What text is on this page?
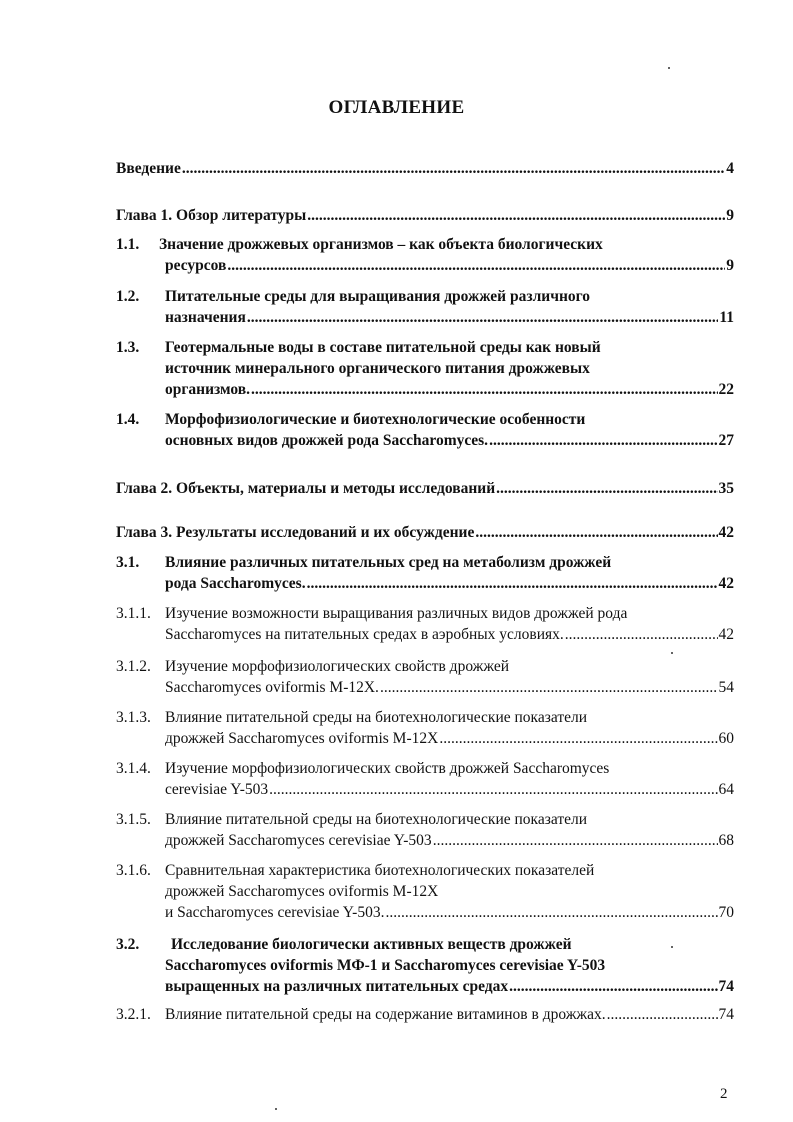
ОГЛАВЛЕНИЕ
Введение .....	4
Глава 1. Обзор литературы .....	9
1.1. Значение дрожжевых организмов – как объекта биологических
ресурсов .....	9
1.2. Питательные среды для выращивания дрожжей различного
назначения .....	11
1.3. Геотермальные воды в составе питательной среды как новый
источник минерального органического питания дрожжевых
организмов. .....	22
1.4. Морфофизиологические и биотехнологические особенности
основных видов дрожжей рода Saccharomyces. .....	27
Глава 2. Объекты, материалы и методы исследований .....	35
Глава 3. Результаты исследований и их обсуждение .....	42
3.1. Влияние различных питательных сред на метаболизм дрожжей
рода Saccharomyces. .....	42
3.1.1. Изучение возможности выращивания различных видов дрожжей рода
Saccharomyces на питательных средах в аэробных условиях. .....	42
3.1.2. Изучение морфофизиологических свойств дрожжей
Saccharomyces oviformis M-12X. .....	54
3.1.3. Влияние питательной среды на биотехнологические показатели
дрожжей Saccharomyces oviformis M-12X .....	60
3.1.4. Изучение морфофизиологических свойств дрожжей Saccharomyces
cerevisiae Y-503 .....	64
3.1.5. Влияние питательной среды на биотехнологические показатели
дрожжей Saccharomyces cerevisiae Y-503 .....	68
3.1.6. Сравнительная характеристика биотехнологических показателей
дрожжей Saccharomyces oviformis M-12X
и Saccharomyces cerevisiae Y-503. .....	70
3.2. Исследование биологически активных веществ дрожжей
Saccharomyces oviformis МФ-1 и Saccharomyces cerevisiae Y-503
выращенных на различных питательных средах .....	74
3.2.1. Влияние питательной среды на содержание витаминов в дрожжах. .....	74
2
